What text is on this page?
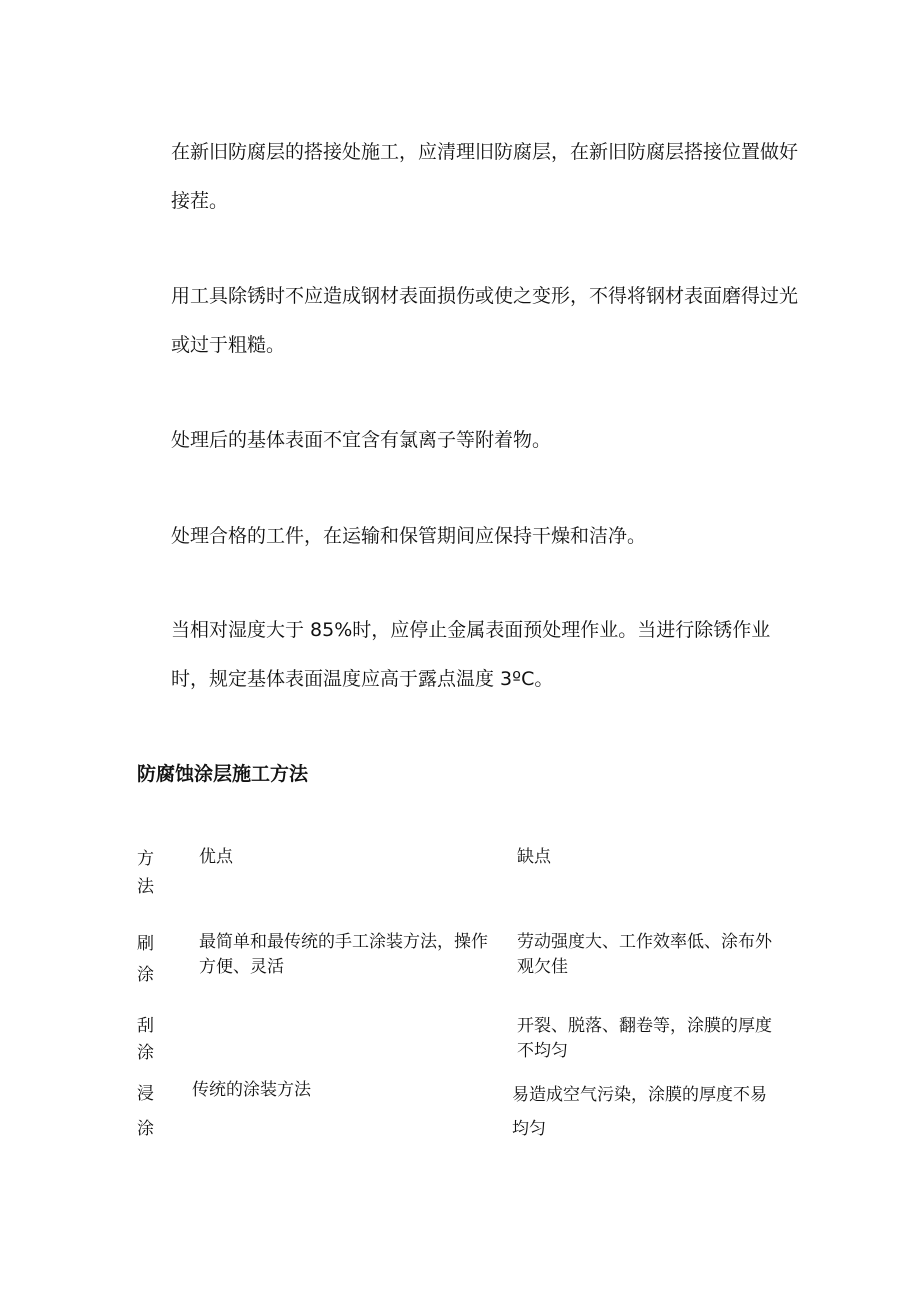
在新旧防腐层的搭接处施工，应清理旧防腐层，在新旧防腐层搭接位置做好接茬。

用工具除锈时不应造成钢材表面损伤或使之变形，不得将钢材表面磨得过光或过于粗糙。

处理后的基体表面不宜含有氯离子等附着物。

处理合格的工件，在运输和保管期间应保持干燥和洁净。

当相对湿度大于 85%时，应停止金属表面预处理作业。当进行除锈作业时，规定基体表面温度应高于露点温度 3ºC。

防腐蚀涂层施工方法

方法

优点	缺点

刷涂

最简单和最传统的手工涂装方法，操作方便、灵活

劳动强度大、工作效率低、涂布外观欠佳

刮涂

开裂、脱落、翻卷等，涂膜的厚度不均匀

浸涂

传统的涂装方法	易造成空气污染，涂膜的厚度不易均匀
